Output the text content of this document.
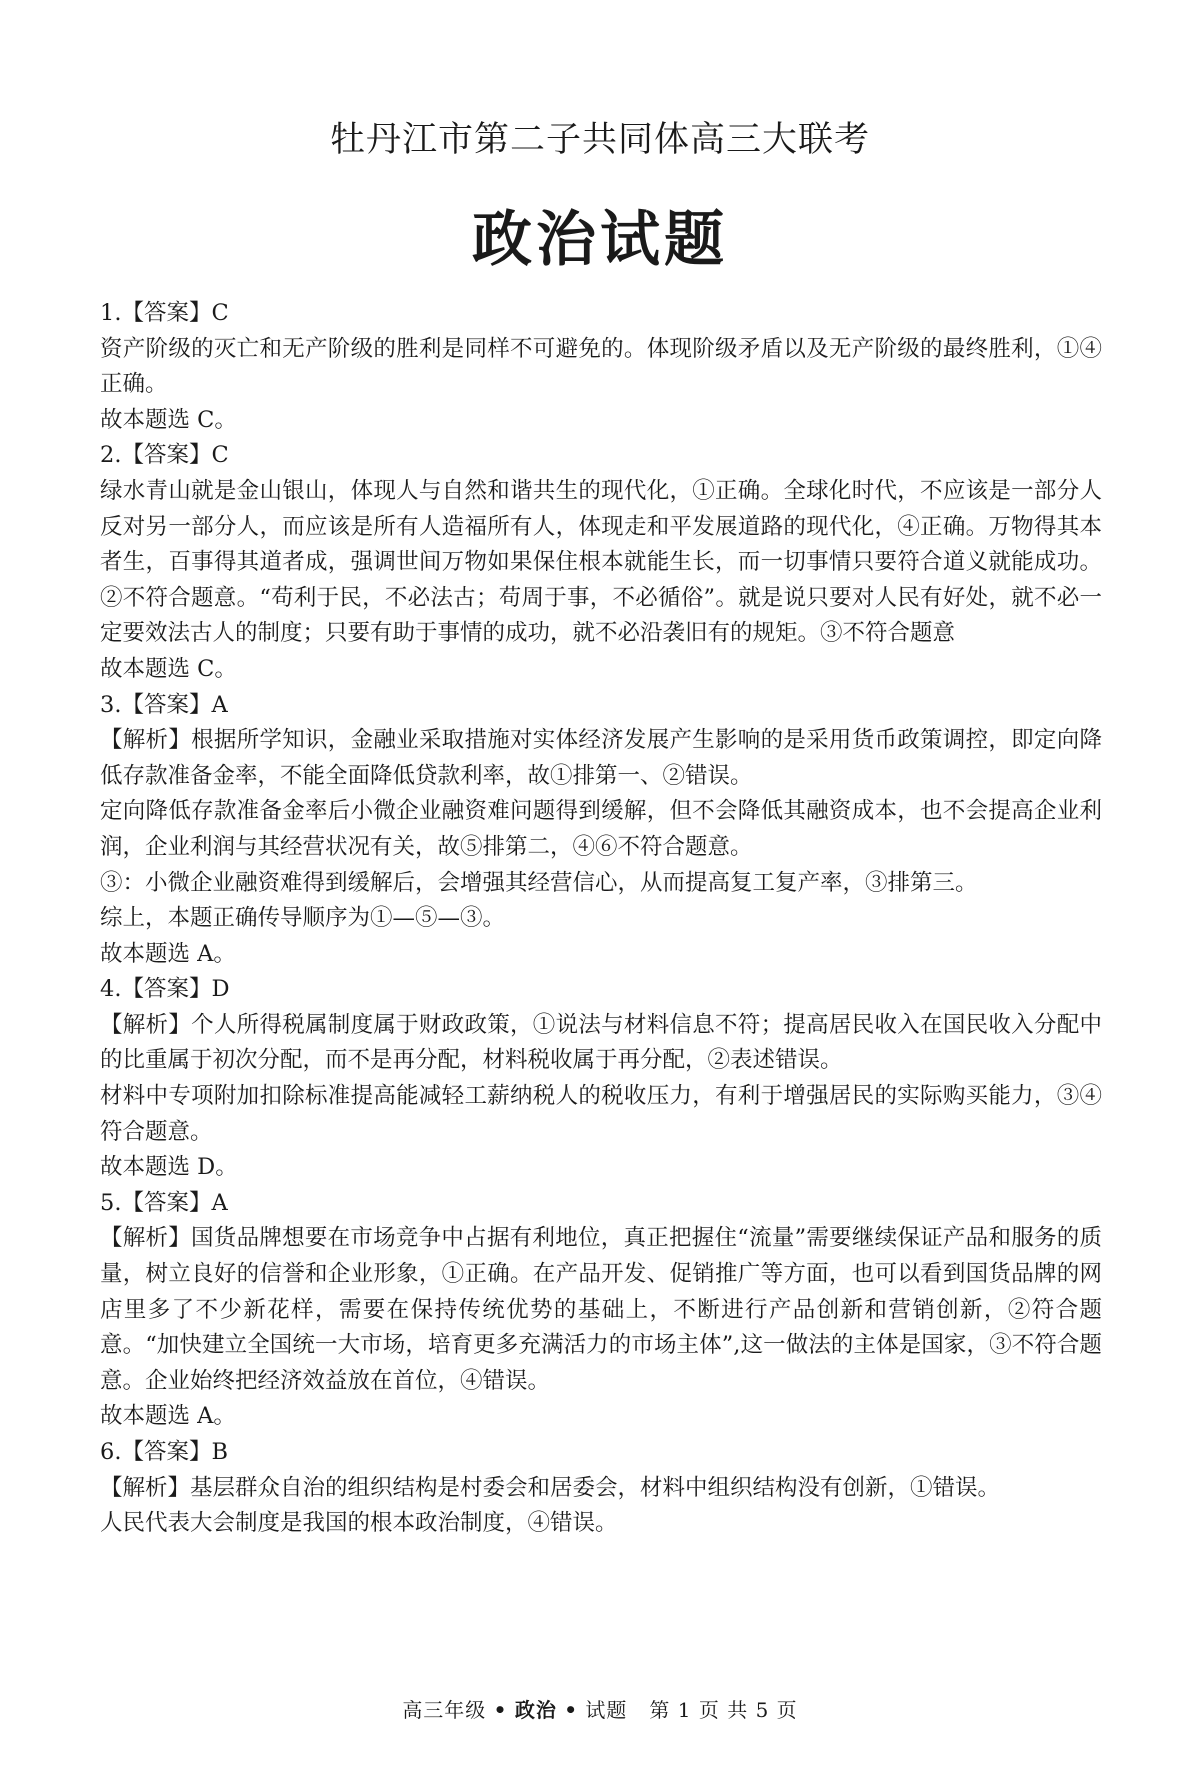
牡丹江市第二子共同体高三大联考
政治试题

1.【答案】C

资产阶级的灭亡和无产阶级的胜利是同样不可避免的。体现阶级矛盾以及无产阶级的最终胜利，①④正确。

故本题选 C。

2.【答案】C

绿水青山就是金山银山，体现人与自然和谐共生的现代化，①正确。全球化时代，不应该是一部分人反对另一部分人，而应该是所有人造福所有人，体现走和平发展道路的现代化，④正确。万物得其本者生，百事得其道者成，强调世间万物如果保住根本就能生长，而一切事情只要符合道义就能成功。②不符合题意。“苟利于民，不必法古；苟周于事，不必循俗”。就是说只要对人民有好处，就不必一定要效法古人的制度；只要有助于事情的成功，就不必沿袭旧有的规矩。③不符合题意

故本题选 C。

3.【答案】A

【解析】根据所学知识，金融业采取措施对实体经济发展产生影响的是采用货币政策调控，即定向降低存款准备金率，不能全面降低贷款利率，故①排第一、②错误。

定向降低存款准备金率后小微企业融资难问题得到缓解，但不会降低其融资成本，也不会提高企业利润，企业利润与其经营状况有关，故⑤排第二，④⑥不符合题意。

③：小微企业融资难得到缓解后，会增强其经营信心，从而提高复工复产率，③排第三。

综上，本题正确传导顺序为①—⑤—③。

故本题选 A。

4.【答案】D

【解析】个人所得税属制度属于财政政策，①说法与材料信息不符；提高居民收入在国民收入分配中的比重属于初次分配，而不是再分配，材料税收属于再分配，②表述错误。

材料中专项附加扣除标准提高能减轻工薪纳税人的税收压力，有利于增强居民的实际购买能力，③④符合题意。

故本题选 D。

5.【答案】A

【解析】国货品牌想要在市场竞争中占据有利地位，真正把握住“流量”需要继续保证产品和服务的质量，树立良好的信誉和企业形象，①正确。在产品开发、促销推广等方面，也可以看到国货品牌的网店里多了不少新花样，需要在保持传统优势的基础上，不断进行产品创新和营销创新，②符合题意。“加快建立全国统一大市场，培育更多充满活力的市场主体”,这一做法的主体是国家，③不符合题意。企业始终把经济效益放在首位，④错误。

故本题选 A。

6.【答案】B

【解析】基层群众自治的组织结构是村委会和居委会，材料中组织结构没有创新，①错误。

人民代表大会制度是我国的根本政治制度，④错误。

高三年级 • 政治 • 试题 第 1 页 共 5 页
